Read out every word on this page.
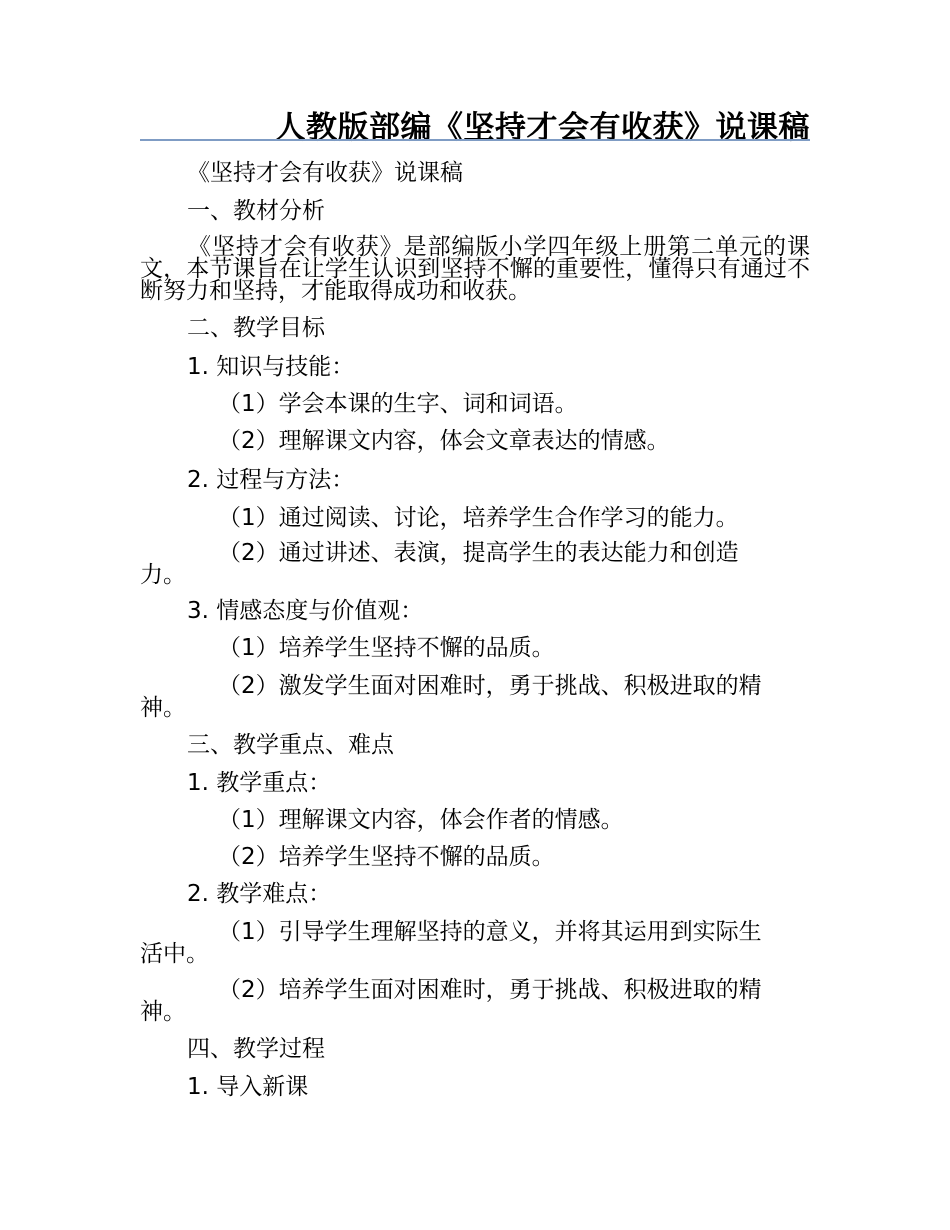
人教版部编《坚持才会有收获》说课稿
《坚持才会有收获》是部编版小学四年级上册第二单元的课文，本节课旨在让学生认识到坚持不懈的重要性，懂得只有通过不断努力和坚持，才能取得成功和收获。
《坚持才会有收获》说课稿
一、教材分析
二、教学目标
1. 知识与技能：
（1）学会本课的生字、词和词语。
（2）理解课文内容，体会文章表达的情感。
2. 过程与方法：
（1）通过阅读、讨论，培养学生合作学习的能力。
（2）通过讲述、表演，提高学生的表达能力和创造
力。
3. 情感态度与价值观：
（1）培养学生坚持不懈的品质。
（2）激发学生面对困难时，勇于挑战、积极进取的精
神。
三、教学重点、难点
1. 教学重点：
（1）理解课文内容，体会作者的情感。
（2）培养学生坚持不懈的品质。
2. 教学难点：
（1）引导学生理解坚持的意义，并将其运用到实际生
活中。
（2）培养学生面对困难时，勇于挑战、积极进取的精
神。
四、教学过程
1. 导入新课
